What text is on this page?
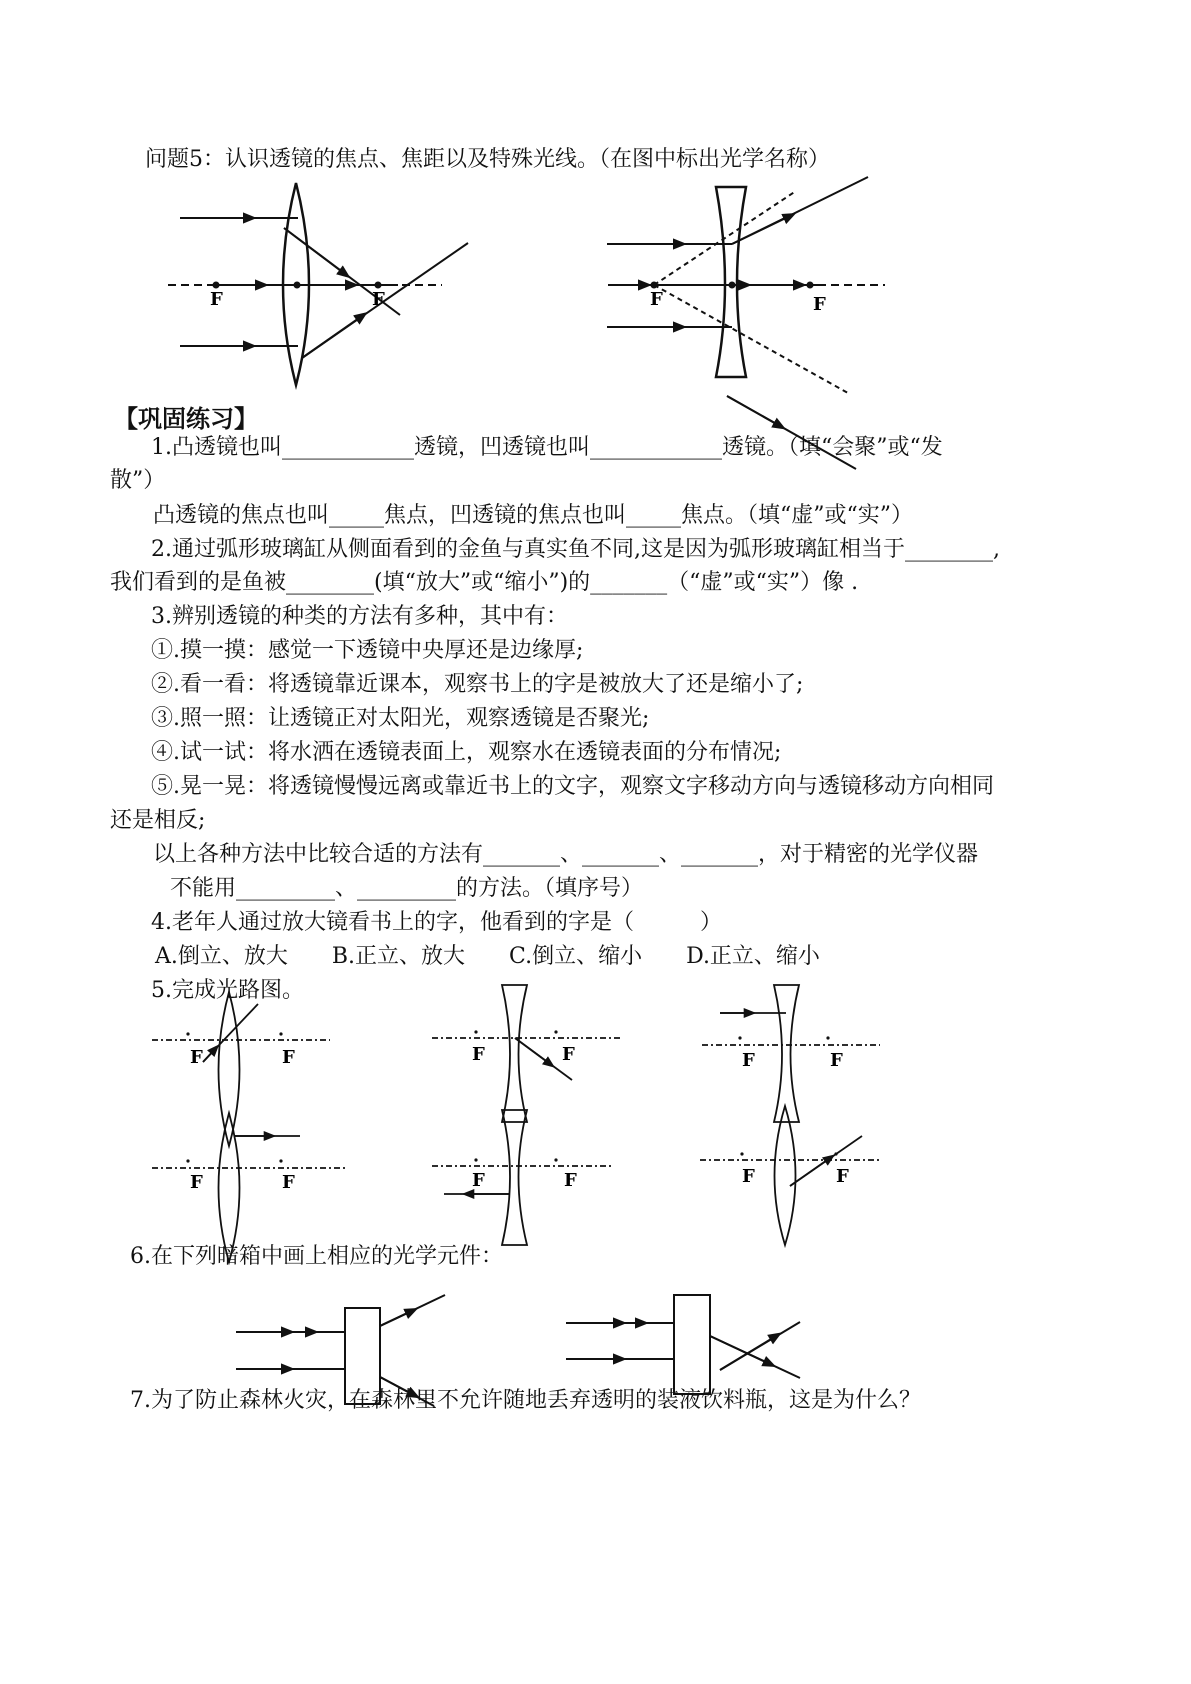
问题5：认识透镜的焦点、焦距以及特殊光线。（在图中标出光学名称）
【巩固练习】
1.凸透镜也叫____________透镜，凹透镜也叫____________透镜。（填“会聚”或“发
散”）
凸透镜的焦点也叫_____焦点，凹透镜的焦点也叫_____焦点。（填“虚”或“实”）
2.通过弧形玻璃缸从侧面看到的金鱼与真实鱼不同,这是因为弧形玻璃缸相当于________,
我们看到的是鱼被________(填“放大”或“缩小”)的_______（“虚”或“实”）像 .
3.辨别透镜的种类的方法有多种，其中有：
①.摸一摸：感觉一下透镜中央厚还是边缘厚;
②.看一看：将透镜靠近课本，观察书上的字是被放大了还是缩小了;
③.照一照：让透镜正对太阳光，观察透镜是否聚光;
④.试一试：将水洒在透镜表面上，观察水在透镜表面的分布情况;
⑤.晃一晃：将透镜慢慢远离或靠近书上的文字，观察文字移动方向与透镜移动方向相同
还是相反;
以上各种方法中比较合适的方法有_______、_______、_______，对于精密的光学仪器
不能用_________、_________的方法。（填序号）
4.老年人通过放大镜看书上的字，他看到的字是（　　　）
A.倒立、放大　　B.正立、放大　　C.倒立、缩小　　D.正立、缩小
5.完成光路图。
6.在下列暗箱中画上相应的光学元件：
7.为了防止森林火灾，在森林里不允许随地丢弃透明的装液饮料瓶，这是为什么？
F	F	F	F
F	F	F	F	F	F
F	F	F	F	F	F
